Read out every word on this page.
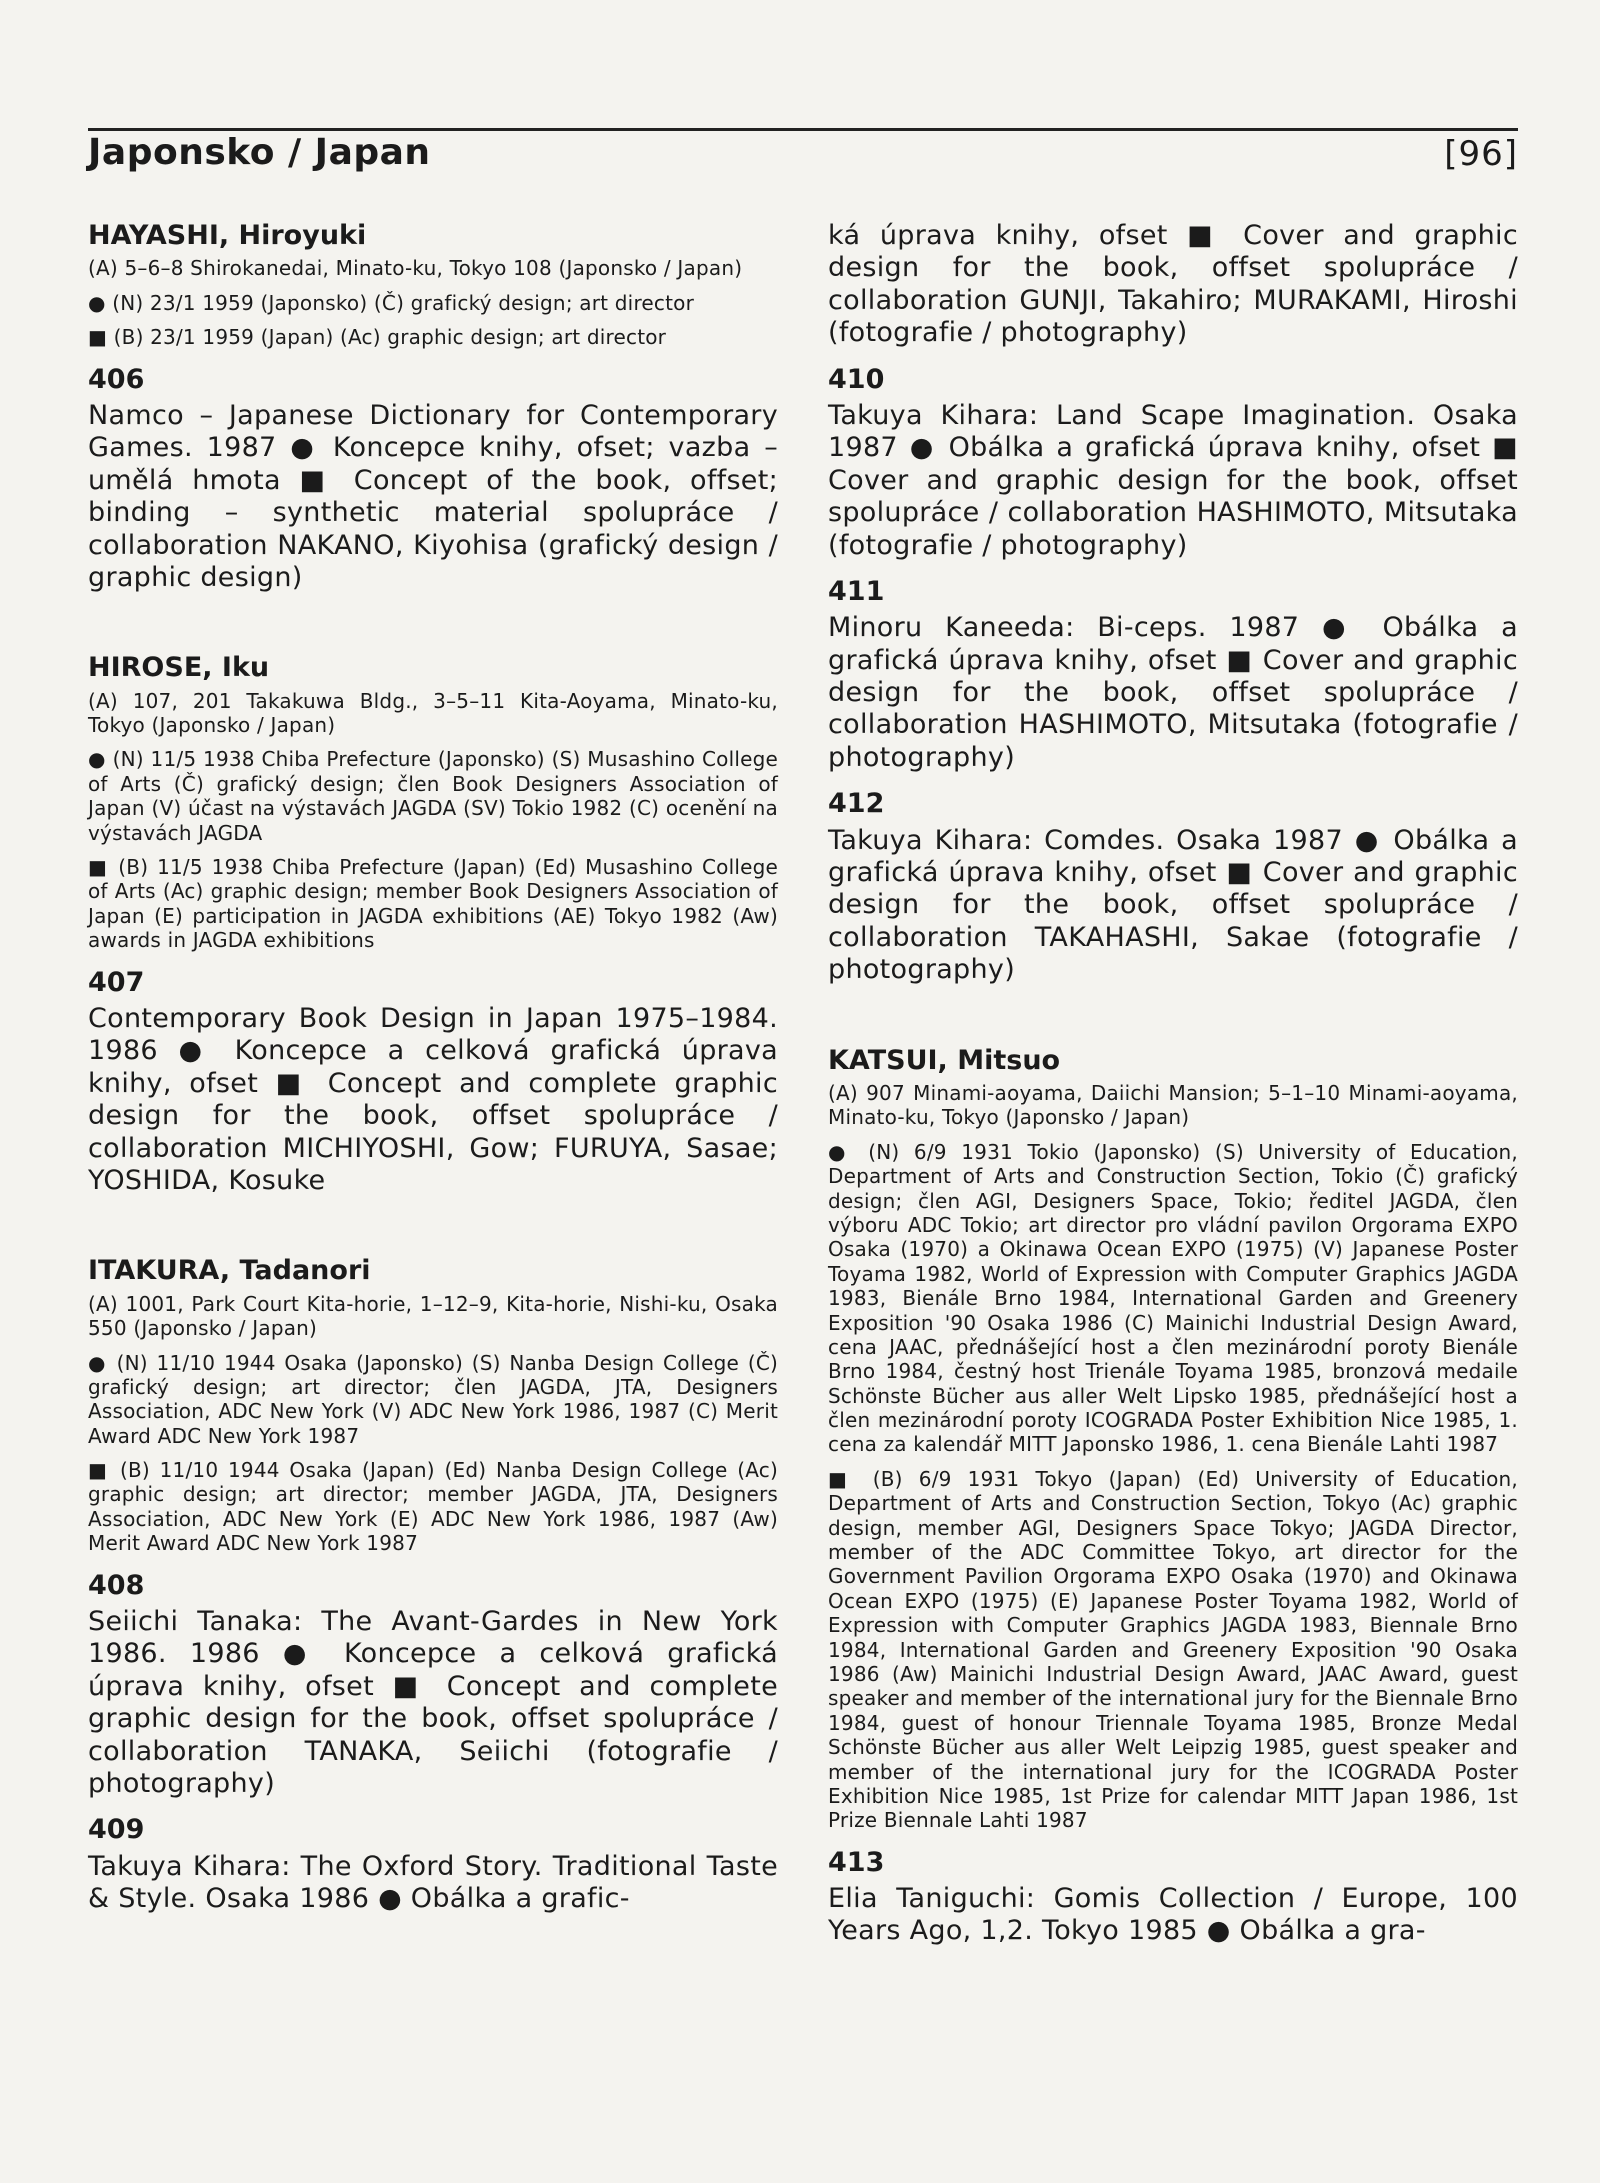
Japonsko / Japan	[96]
HAYASHI, Hiroyuki

(A) 5–6–8 Shirokanedai, Minato-ku, Tokyo 108 (Japonsko / Japan)

● (N) 23/1 1959 (Japonsko) (Č) grafický design; art director

■ (B) 23/1 1959 (Japan) (Ac) graphic design; art director

406

Namco – Japanese Dictionary for Contemporary Games. 1987 ● Koncepce knihy, ofset; vazba – umělá hmota ■ Concept of the book, offset; binding – synthetic material spolupráce / collaboration NAKANO, Kiyohisa (grafický design / graphic design)

HIROSE, Iku

(A) 107, 201 Takakuwa Bldg., 3–5–11 Kita-Aoyama, Minato-ku, Tokyo (Japonsko / Japan)

● (N) 11/5 1938 Chiba Prefecture (Japonsko) (S) Musashino College of Arts (Č) grafický design; člen Book Designers Association of Japan (V) účast na výstavách JAGDA (SV) Tokio 1982 (C) ocenění na výstavách JAGDA

■ (B) 11/5 1938 Chiba Prefecture (Japan) (Ed) Musashino College of Arts (Ac) graphic design; member Book Designers Association of Japan (E) participation in JAGDA exhibitions (AE) Tokyo 1982 (Aw) awards in JAGDA exhibitions

407

Contemporary Book Design in Japan 1975–1984. 1986 ● Koncepce a celková grafická úprava knihy, ofset ■ Concept and complete graphic design for the book, offset spolupráce / collaboration MICHIYOSHI, Gow; FURUYA, Sasae; YOSHIDA, Kosuke

ITAKURA, Tadanori

(A) 1001, Park Court Kita-horie, 1–12–9, Kita-horie, Nishi-ku, Osaka 550 (Japonsko / Japan)

● (N) 11/10 1944 Osaka (Japonsko) (S) Nanba Design College (Č) grafický design; art director; člen JAGDA, JTA, Designers Association, ADC New York (V) ADC New York 1986, 1987 (C) Merit Award ADC New York 1987

■ (B) 11/10 1944 Osaka (Japan) (Ed) Nanba Design College (Ac) graphic design; art director; member JAGDA, JTA, Designers Association, ADC New York (E) ADC New York 1986, 1987 (Aw) Merit Award ADC New York 1987

408

Seiichi Tanaka: The Avant-Gardes in New York 1986. 1986 ● Koncepce a celková grafická úprava knihy, ofset ■ Concept and complete graphic design for the book, offset spolupráce / collaboration TANAKA, Seiichi (fotografie / photography)

409

Takuya Kihara: The Oxford Story. Traditional Taste & Style. Osaka 1986 ● Obálka a grafic-

ká úprava knihy, ofset ■ Cover and graphic design for the book, offset spolupráce / collaboration GUNJI, Takahiro; MURAKAMI, Hiroshi (fotografie / photography)

410

Takuya Kihara: Land Scape Imagination. Osaka 1987 ● Obálka a grafická úprava knihy, ofset ■ Cover and graphic design for the book, offset spolupráce / collaboration HASHIMOTO, Mitsutaka (fotografie / photography)

411

Minoru Kaneeda: Bi-ceps. 1987 ● Obálka a grafická úprava knihy, ofset ■ Cover and graphic design for the book, offset spolupráce / collaboration HASHIMOTO, Mitsutaka (fotografie / photography)

412

Takuya Kihara: Comdes. Osaka 1987 ● Obálka a grafická úprava knihy, ofset ■ Cover and graphic design for the book, offset spolupráce / collaboration TAKAHASHI, Sakae (fotografie / photography)

KATSUI, Mitsuo

(A) 907 Minami-aoyama, Daiichi Mansion; 5–1–10 Minami-aoyama, Minato-ku, Tokyo (Japonsko / Japan)

● (N) 6/9 1931 Tokio (Japonsko) (S) University of Education, Department of Arts and Construction Section, Tokio (Č) grafický design; člen AGI, Designers Space, Tokio; ředitel JAGDA, člen výboru ADC Tokio; art director pro vládní pavilon Orgorama EXPO Osaka (1970) a Okinawa Ocean EXPO (1975) (V) Japanese Poster Toyama 1982, World of Expression with Computer Graphics JAGDA 1983, Bienále Brno 1984, International Garden and Greenery Exposition '90 Osaka 1986 (C) Mainichi Industrial Design Award, cena JAAC, přednášející host a člen mezinárodní poroty Bienále Brno 1984, čestný host Trienále Toyama 1985, bronzová medaile Schönste Bücher aus aller Welt Lipsko 1985, přednášející host a člen mezinárodní poroty ICOGRADA Poster Exhibition Nice 1985, 1. cena za kalendář MITT Japonsko 1986, 1. cena Bienále Lahti 1987

■ (B) 6/9 1931 Tokyo (Japan) (Ed) University of Education, Department of Arts and Construction Section, Tokyo (Ac) graphic design, member AGI, Designers Space Tokyo; JAGDA Director, member of the ADC Committee Tokyo, art director for the Government Pavilion Orgorama EXPO Osaka (1970) and Okinawa Ocean EXPO (1975) (E) Japanese Poster Toyama 1982, World of Expression with Computer Graphics JAGDA 1983, Biennale Brno 1984, International Garden and Greenery Exposition '90 Osaka 1986 (Aw) Mainichi Industrial Design Award, JAAC Award, guest speaker and member of the international jury for the Biennale Brno 1984, guest of honour Triennale Toyama 1985, Bronze Medal Schönste Bücher aus aller Welt Leipzig 1985, guest speaker and member of the international jury for the ICOGRADA Poster Exhibition Nice 1985, 1st Prize for calendar MITT Japan 1986, 1st Prize Biennale Lahti 1987

413

Elia Taniguchi: Gomis Collection / Europe, 100 Years Ago, 1,2. Tokyo 1985 ● Obálka a gra-
